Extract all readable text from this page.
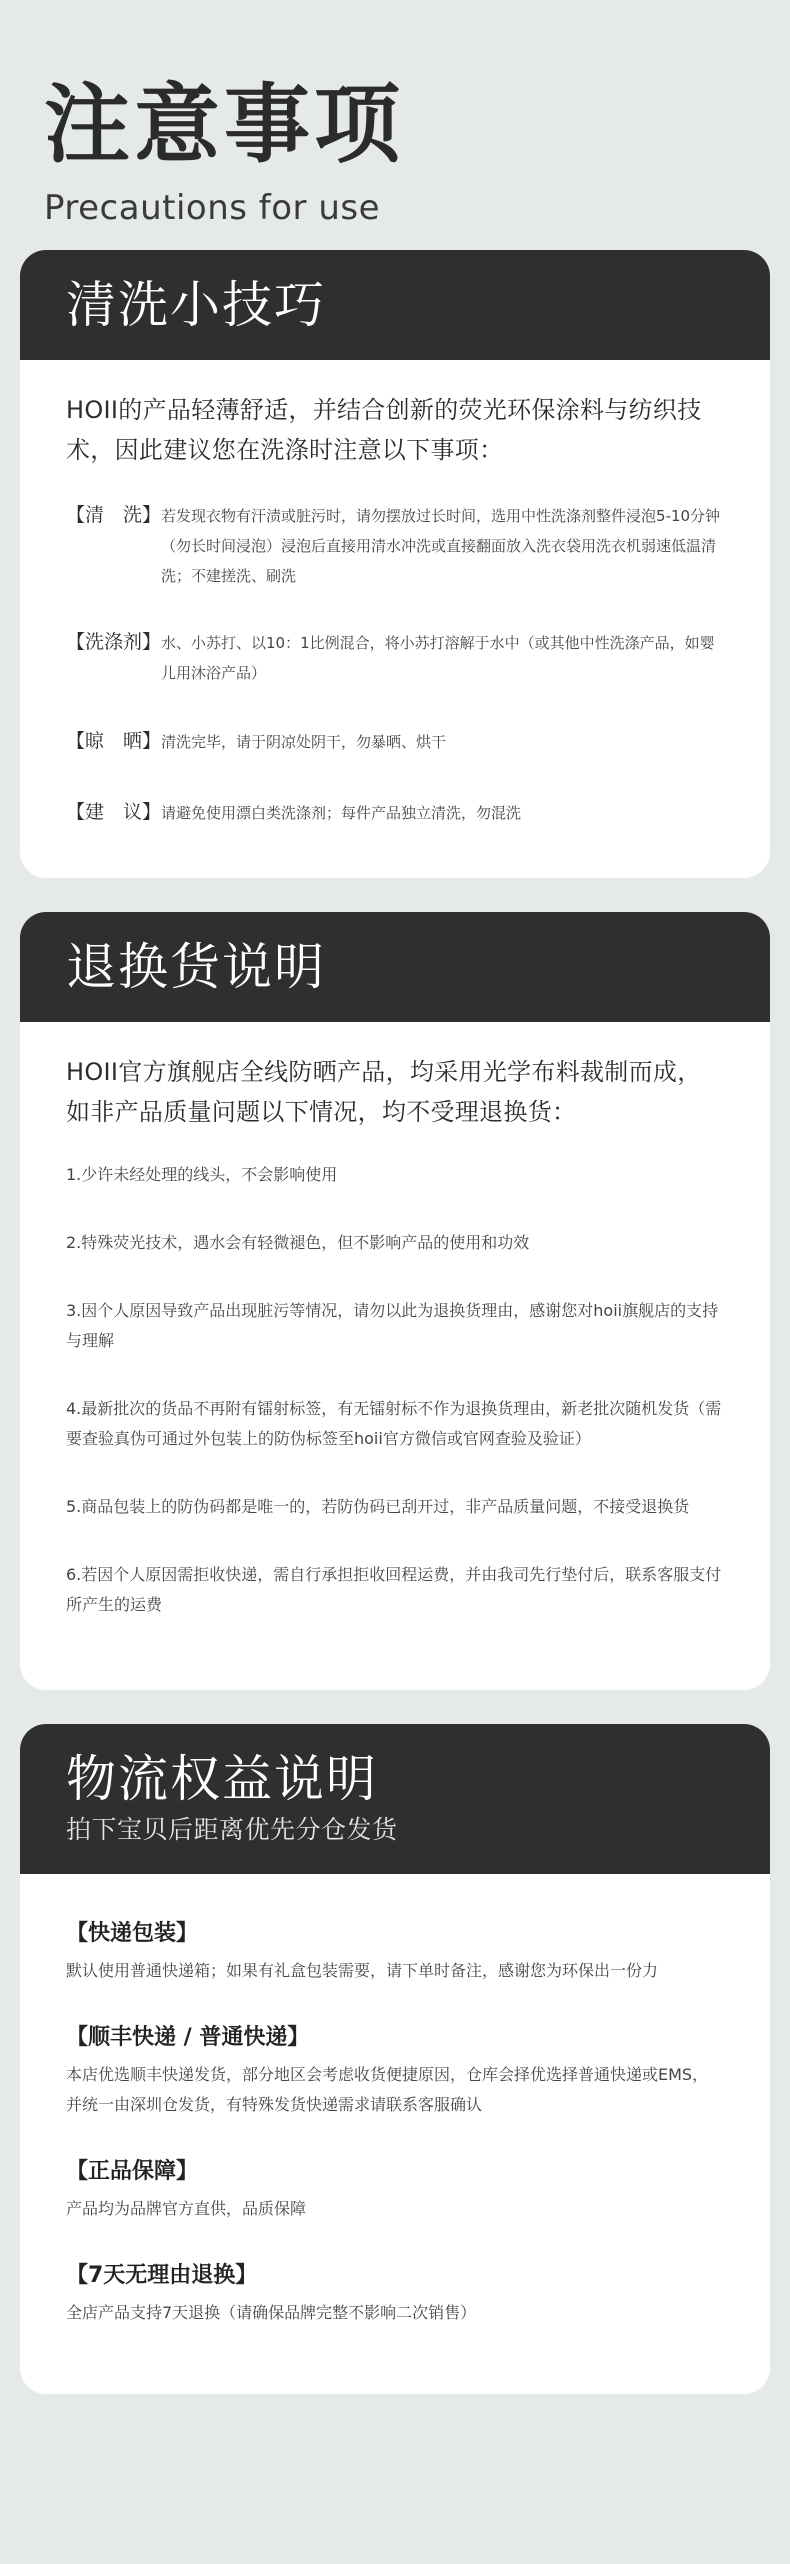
注意事项
Precautions for use
清洗小技巧
HOII的产品轻薄舒适，并结合创新的荧光环保涂料与纺织技术，因此建议您在洗涤时注意以下事项：
【清　洗】 若发现衣物有汗渍或脏污时，请勿摆放过长时间，选用中性洗涤剂整件浸泡5-10分钟（勿长时间浸泡）浸泡后直接用清水冲洗或直接翻面放入洗衣袋用洗衣机弱速低温清洗；不建搓洗、刷洗
【洗涤剂】 水、小苏打、以10：1比例混合，将小苏打溶解于水中（或其他中性洗涤产品，如婴儿用沐浴产品）
【晾　晒】 清洗完毕，请于阴凉处阴干，勿暴晒、烘干
【建　议】 请避免使用漂白类洗涤剂；每件产品独立清洗，勿混洗
退换货说明
HOII官方旗舰店全线防晒产品，均采用光学布料裁制而成，如非产品质量问题以下情况，均不受理退换货：
1.少许未经处理的线头，不会影响使用
2.特殊荧光技术，遇水会有轻微褪色，但不影响产品的使用和功效
3.因个人原因导致产品出现脏污等情况，请勿以此为退换货理由，感谢您对hoii旗舰店的支持与理解
4.最新批次的货品不再附有镭射标签，有无镭射标不作为退换货理由，新老批次随机发货（需要查验真伪可通过外包装上的防伪标签至hoii官方微信或官网查验及验证）
5.商品包装上的防伪码都是唯一的，若防伪码已刮开过，非产品质量问题，不接受退换货
6.若因个人原因需拒收快递，需自行承担拒收回程运费，并由我司先行垫付后，联系客服支付所产生的运费
物流权益说明
拍下宝贝后距离优先分仓发货
【快递包装】
默认使用普通快递箱；如果有礼盒包装需要，请下单时备注，感谢您为环保出一份力
【顺丰快递 / 普通快递】
本店优选顺丰快递发货，部分地区会考虑收货便捷原因，仓库会择优选择普通快递或EMS，并统一由深圳仓发货，有特殊发货快递需求请联系客服确认
【正品保障】
产品均为品牌官方直供，品质保障
【7天无理由退换】
全店产品支持7天退换（请确保品牌完整不影响二次销售）
